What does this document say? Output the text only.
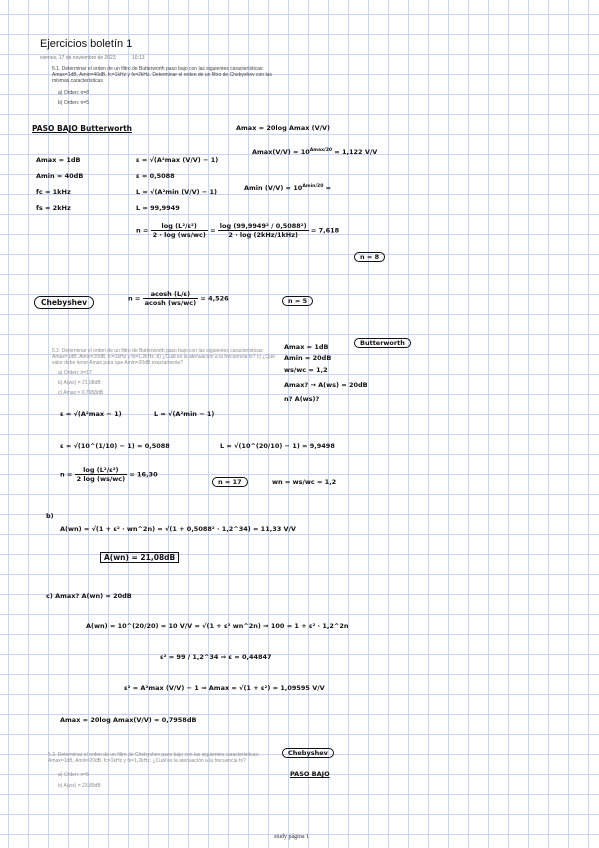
Ejercicios boletín 1
viernes, 17 de noviembre de 2023	10:13
5.1. Determinar el orden de un filtro de Butterworth paso bajo con las siguientes características: Amax=1dB, Amin=40dB, fc=1kHz y fs=2kHz. Determinar el orden de un filtro de Chebyshev con las mismas características
a) Orden: n=8
b) Orden: n=5
PASO BAJO Butterworth	Amax = 20log Amax (V/V)
$Amax(V/V) = 10^{Amax/20} = 1,122$ V/V
Amin $(V/V) = 10^{Amin/20}$ =
Amax = 1dB
Amin = 40dB
fc = 1kHz
fs = 2kHz
ε = √(A²max (V/V) − 1)
ε = 0,5088
L = √(A²min (V/V) − 1)
L = 99,9949
$n = \frac{\text{log (L²/ε²)}}{2 \cdot \log (ws/wc)} = \frac{\text{log (99,9949² / 0,5088²)}}{\text{2 · log (2kHz/1kHz)}} = 7,618$
n = 8
Chebyshev	$n = \frac{acosh (L/\varepsilon)}{acosh (ws/wc)} = 4,526$	n = 5
5.2. Determinar el orden de un filtro de Butterworth paso bajo con las siguientes características: Amax=1dB, Amin=20dB, fc=1kHz y fs=1,2kHz. b) ¿Cuál es la atenuación a la frecuencia fs? c) ¿Qué valor debe tener Amax para que Amin=20dB exactamente?
a) Orden: n=17
b) A(ws) = 21,08dB
c) Amax = 0,7958dB
Butterworth
Amax = 1dB
Amin = 20dB
ws/wc = 1,2
Amax? → A(ws) = 20dB
n? A(ws)?
ε = √(A²max − 1)	L = √(A²min − 1)
ε = √(10^(1/10) − 1) = 0,5088	L = √(10^(20/10) − 1) = 9,9498
$n = \frac{\text{log (L²/ε²)}}{2 \log (ws/wc)} = 16,30$
n = 17	wn = ws/wc = 1,2
b)
A(wn) = √(1 + ε² · wn^2n) = √(1 + 0,5088² · 1,2^34) = 11,33 V/V
A(wn) = 21,08dB
c) Amax? A(wn) = 20dB
A(wn) = 10^(20/20) = 10 V/V = √(1 + ε² wn^2n) ⇒ 100 = 1 + ε² · 1,2^2n
ε² = 99 / 1,2^34 ⇒ ε = 0,44847
ε² = A²max (V/V) − 1 ⇒ Amax = √(1 + ε²) = 1,09595 V/V
Amax = 20log Amax(V/V) = 0,7958dB
5.3. Determinar el orden de un filtro de Chebyshev paso bajo con las siguientes características: Amax=1dB, Amin=20dB, fc=1kHz y fs=1,2kHz. ¿Cuál es la atenuación a la frecuencia fs?
a) Orden: n=5
b) A(ws) = 23,89dB
Chebyshev
PASO BAJO
study página 1
